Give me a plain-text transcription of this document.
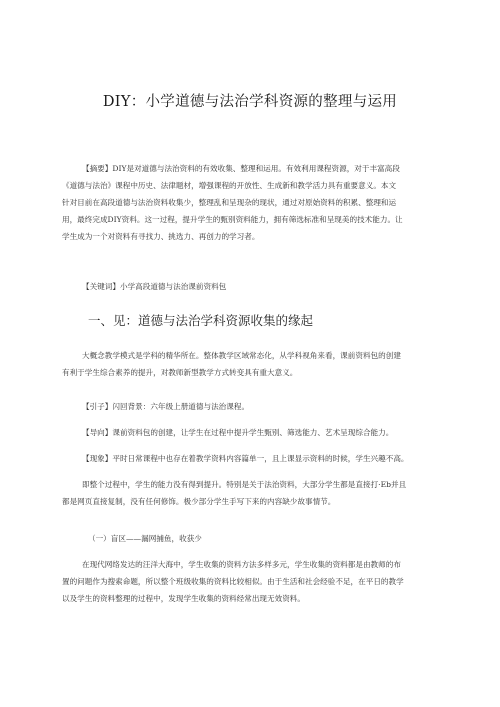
DIY：小学道德与法治学科资源的整理与运用
【摘要】DIY是对道德与法治资料的有效收集、整理和运用。有效利用课程资源，对于丰富高段
《道德与法治》课程中历史、法律题材，增强课程的开放性、生成新和教学活力具有重要意义。本文
针对目前在高段道德与法治资料收集少，整理乱和呈现杂的现状，通过对原始资料的积累、整理和运
用，最终完成DIY资料。这一过程，提升学生的甄别资料能力，拥有筛选标准和呈现美的技术能力。让
学生成为一个对资料有寻找力、挑选力、再创力的学习者。
【关键词】小学高段道德与法治课前资料包
一、见：道德与法治学科资源收集的缘起
大概念教学模式是学科的精华所在。整体教学区域常态化，从学科视角来看，课前资料包的创建
有利于学生综合素养的提升，对教师新型教学方式转变具有重大意义。
【引子】闪回背景：六年级上册道德与法治课程。
【导向】课前资料包的创建，让学生在过程中提升学生甄别、筛选能力、艺术呈现综合能力。
【现象】平时日常课程中也存在着教学资料内容篇单一，且上课显示资料的时候，学生兴趣不高。
即整个过程中，学生的能力没有得到提升。特别是关于法治资料，大部分学生都是直接打·Eb并且
都是网页直接复制，没有任何修饰。极少部分学生手写下来的内容缺少故事情节。
（一）盲区——漏网捕鱼，收获少
在现代网络发达的汪洋大海中，学生收集的资料方法多样多元，学生收集的资料都是由教师的布
置的问题作为搜索命题，所以整个班级收集的资料比较相似。由于生活和社会经验不足，在平日的教学
以及学生的资料整理的过程中，发现学生收集的资料经常出现无效资料。
